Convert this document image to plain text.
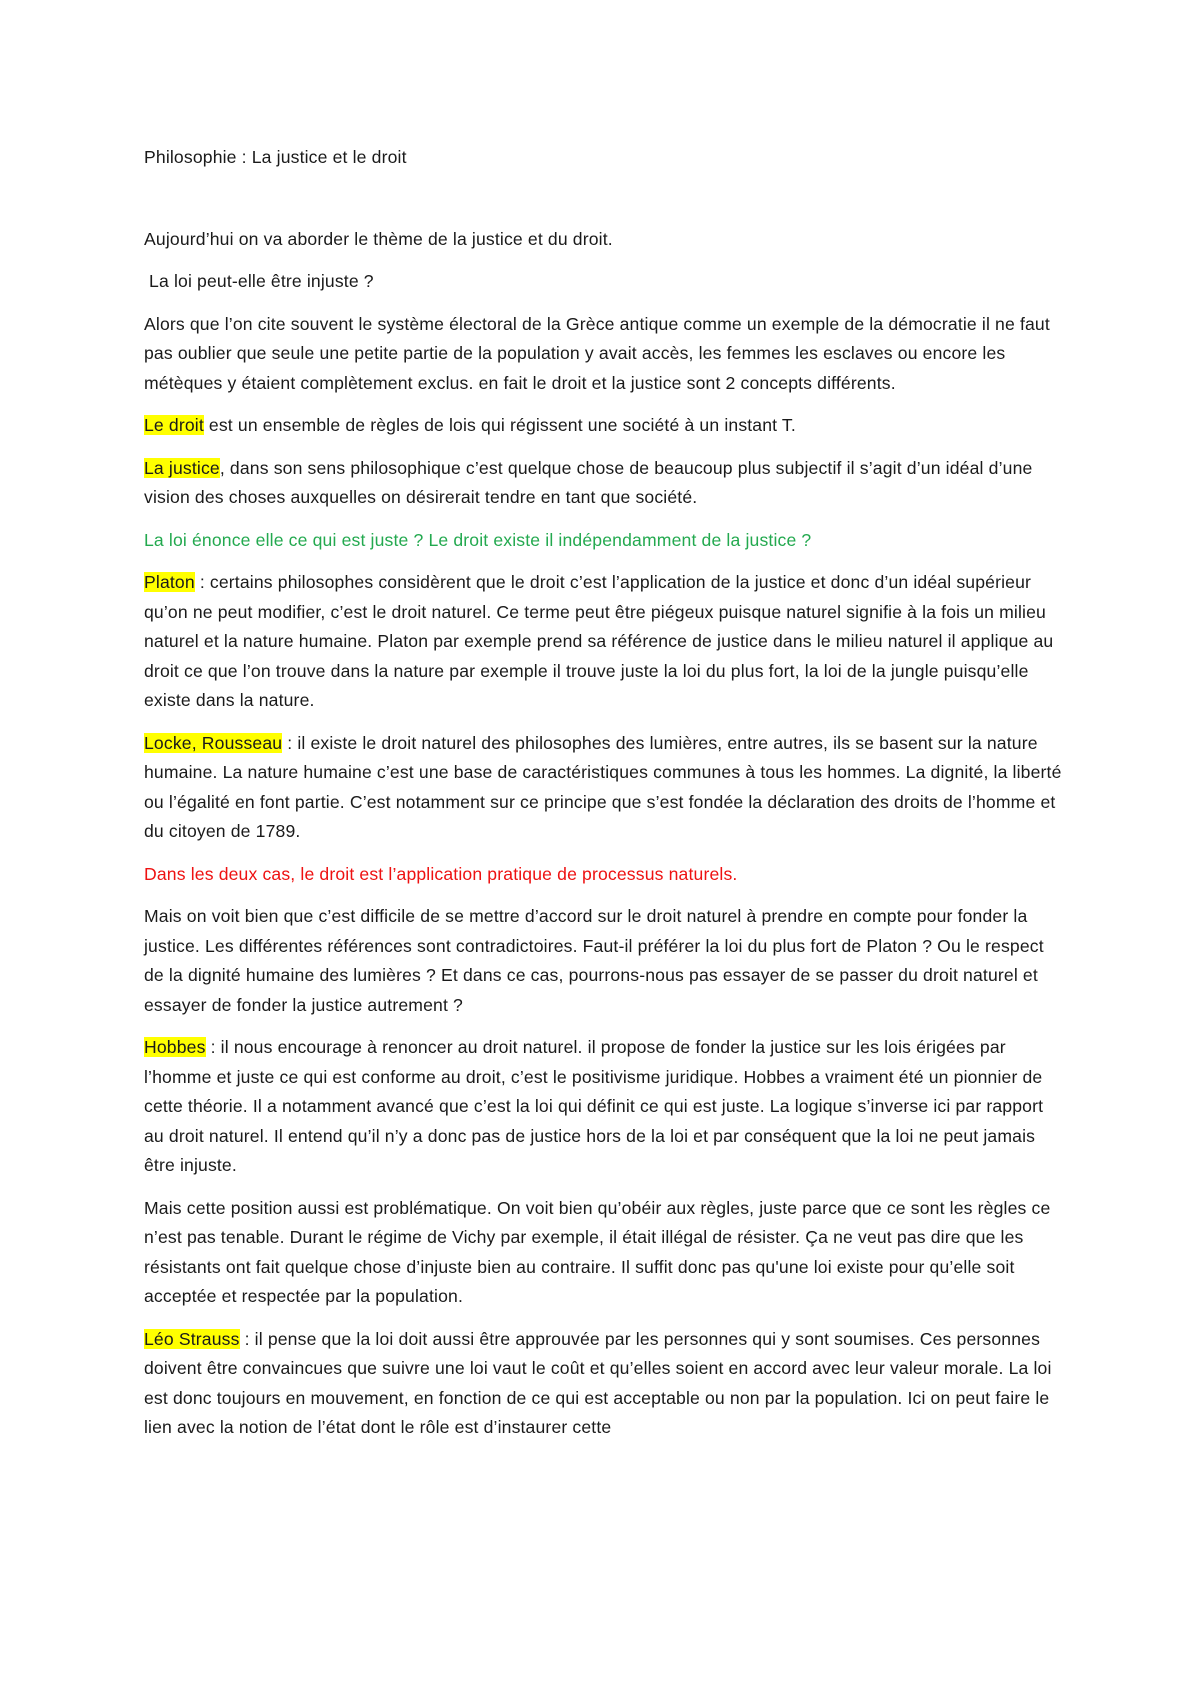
Philosophie : La justice et le droit

Aujourd’hui on va aborder le thème de la justice et du droit.

La loi peut-elle être injuste ?

Alors que l’on cite souvent le système électoral de la Grèce antique comme un exemple de la démocratie il ne faut pas oublier que seule une petite partie de la population y avait accès, les femmes les esclaves ou encore les métèques y étaient complètement exclus. en fait le droit et la justice sont 2 concepts différents.

Le droit est un ensemble de règles de lois qui régissent une société à un instant T.

La justice, dans son sens philosophique c’est quelque chose de beaucoup plus subjectif il s’agit d’un idéal d’une vision des choses auxquelles on désirerait tendre en tant que société.

La loi énonce elle ce qui est juste ? Le droit existe il indépendamment de la justice ?

Platon : certains philosophes considèrent que le droit c’est l’application de la justice et donc d’un idéal supérieur qu’on ne peut modifier, c’est le droit naturel. Ce terme peut être piégeux puisque naturel signifie à la fois un milieu naturel et la nature humaine. Platon par exemple prend sa référence de justice dans le milieu naturel il applique au droit ce que l’on trouve dans la nature par exemple il trouve juste la loi du plus fort, la loi de la jungle puisqu’elle existe dans la nature.

Locke, Rousseau : il existe le droit naturel des philosophes des lumières, entre autres, ils se basent sur la nature humaine. La nature humaine c’est une base de caractéristiques communes à tous les hommes. La dignité, la liberté ou l’égalité en font partie. C’est notamment sur ce principe que s’est fondée la déclaration des droits de l’homme et du citoyen de 1789.

Dans les deux cas, le droit est l’application pratique de processus naturels.

Mais on voit bien que c’est difficile de se mettre d’accord sur le droit naturel à prendre en compte pour fonder la justice. Les différentes références sont contradictoires. Faut-il préférer la loi du plus fort de Platon ? Ou le respect de la dignité humaine des lumières ? Et dans ce cas, pourrons-nous pas essayer de se passer du droit naturel et essayer de fonder la justice autrement ?

Hobbes : il nous encourage à renoncer au droit naturel. il propose de fonder la justice sur les lois érigées par l’homme et juste ce qui est conforme au droit, c’est le positivisme juridique. Hobbes a vraiment été un pionnier de cette théorie. Il a notamment avancé que c’est la loi qui définit ce qui est juste. La logique s’inverse ici par rapport au droit naturel. Il entend qu’il n’y a donc pas de justice hors de la loi et par conséquent que la loi ne peut jamais être injuste.

Mais cette position aussi est problématique. On voit bien qu’obéir aux règles, juste parce que ce sont les règles ce n’est pas tenable. Durant le régime de Vichy par exemple, il était illégal de résister. Ça ne veut pas dire que les résistants ont fait quelque chose d’injuste bien au contraire. Il suffit donc pas qu'une loi existe pour qu’elle soit acceptée et respectée par la population.

Léo Strauss : il pense que la loi doit aussi être approuvée par les personnes qui y sont soumises. Ces personnes doivent être convaincues que suivre une loi vaut le coût et qu’elles soient en accord avec leur valeur morale. La loi est donc toujours en mouvement, en fonction de ce qui est acceptable ou non par la population. Ici on peut faire le lien avec la notion de l’état dont le rôle est d’instaurer cette
